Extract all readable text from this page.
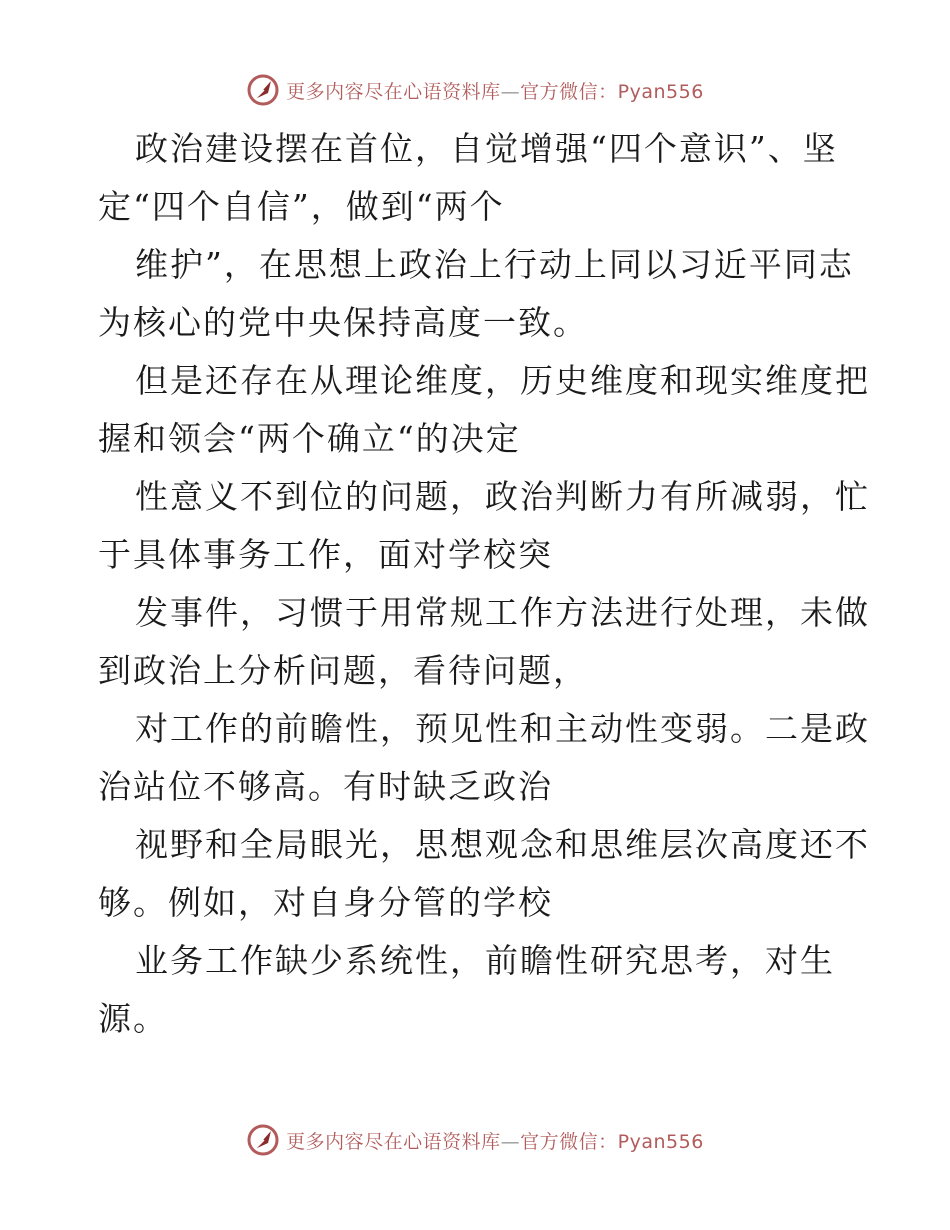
更多内容尽在心语资料库—官方微信：Pyan556

政治建设摆在首位，自觉增强“四个意识”、坚

定“四个自信”，做到“两个

维护”，在思想上政治上行动上同以习近平同志

为核心的党中央保持高度一致。

但是还存在从理论维度，历史维度和现实维度把

握和领会“两个确立“的决定

性意义不到位的问题，政治判断力有所减弱，忙

于具体事务工作，面对学校突

发事件，习惯于用常规工作方法进行处理，未做

到政治上分析问题，看待问题，

对工作的前瞻性，预见性和主动性变弱。二是政

治站位不够高。有时缺乏政治

视野和全局眼光，思想观念和思维层次高度还不

够。例如，对自身分管的学校

业务工作缺少系统性，前瞻性研究思考，对生

源。

更多内容尽在心语资料库—官方微信：Pyan556
